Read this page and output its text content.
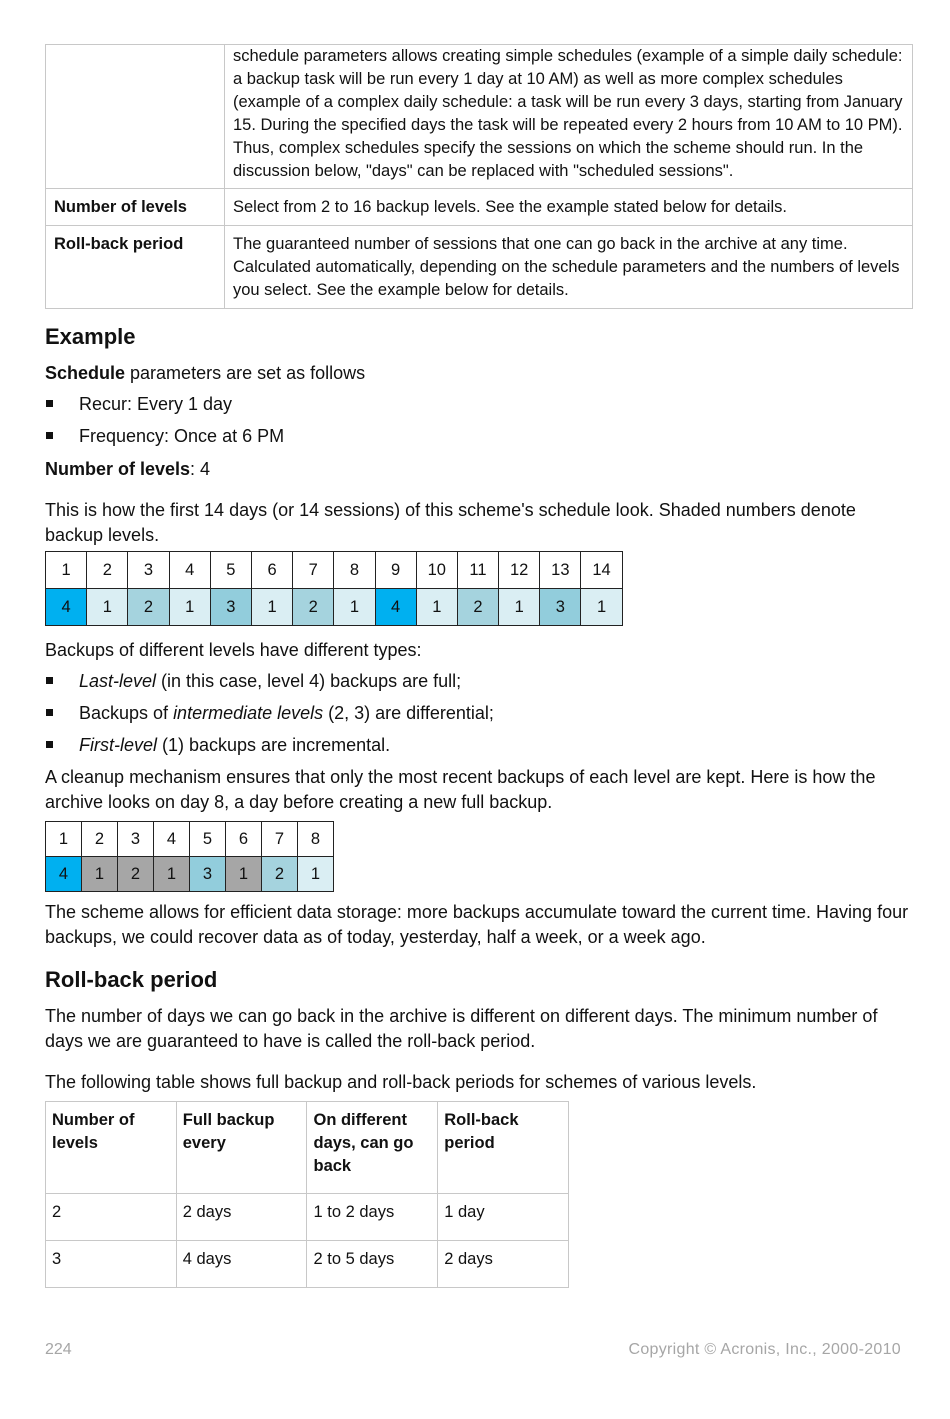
	schedule parameters allows creating simple schedules (example of a simple daily schedule: a backup task will be run every 1 day at 10 AM) as well as more complex schedules (example of a complex daily schedule: a task will be run every 3 days, starting from January 15. During the specified days the task will be repeated every 2 hours from 10 AM to 10 PM). Thus, complex schedules specify the sessions on which the scheme should run. In the discussion below, "days" can be replaced with "scheduled sessions".
Number of levels	Select from 2 to 16 backup levels. See the example stated below for details.
Roll-back period	The guaranteed number of sessions that one can go back in the archive at any time. Calculated automatically, depending on the schedule parameters and the numbers of levels you select. See the example below for details.
Example

Schedule parameters are set as follows

Recur: Every 1 day
Frequency: Once at 6 PM

Number of levels: 4

This is how the first 14 days (or 14 sessions) of this scheme's schedule look. Shaded numbers denote backup levels.

1	2	3	4	5	6	7	8	9	10	11	12	13	14
4	1	2	1	3	1	2	1	4	1	2	1	3	1

Backups of different levels have different types:

Last-level (in this case, level 4) backups are full;
Backups of intermediate levels (2, 3) are differential;
First-level (1) backups are incremental.

A cleanup mechanism ensures that only the most recent backups of each level are kept. Here is how the archive looks on day 8, a day before creating a new full backup.

1	2	3	4	5	6	7	8
4	1	2	1	3	1	2	1

The scheme allows for efficient data storage: more backups accumulate toward the current time. Having four backups, we could recover data as of today, yesterday, half a week, or a week ago.

Roll-back period

The number of days we can go back in the archive is different on different days. The minimum number of days we are guaranteed to have is called the roll-back period.

The following table shows full backup and roll-back periods for schemes of various levels.

Number of levels	Full backup every	On different days, can go back	Roll-back period
2	2 days	1 to 2 days	1 day
3	4 days	2 to 5 days	2 days
224	Copyright © Acronis, Inc., 2000-2010
